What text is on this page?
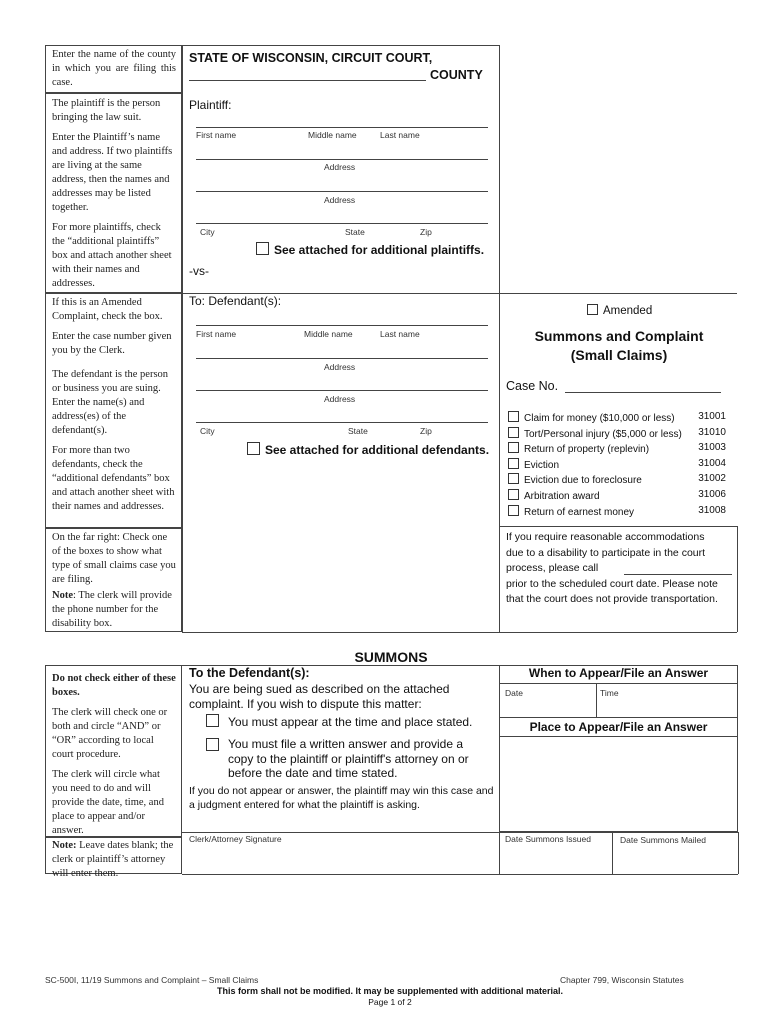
Enter the name of the county in which you are filing this case.

The plaintiff is the person bringing the law suit.

Enter the Plaintiff’s name and address. If two plaintiffs are living at the same address, then the names and addresses may be listed together.

For more plaintiffs, check the “additional plaintiffs” box and attach another sheet with their names and addresses.

If this is an Amended Complaint, check the box.

Enter the case number given you by the Clerk.

The defendant is the person or business you are suing. Enter the name(s) and address(es) of the defendant(s).

For more than two defendants, check the “additional defendants” box and attach another sheet with their names and addresses.

On the far right: Check one of the boxes to show what type of small claims case you are filing.

Note: The clerk will provide the phone number for the disability box.

STATE OF WISCONSIN, CIRCUIT COURT,
COUNTY
Plaintiff:
First name	Middle name	Last name
Address
Address
City	State	Zip
See attached for additional plaintiffs.
-vs-
To: Defendant(s):
First name	Middle name	Last name
Address
Address
City	State	Zip
See attached for additional defendants.
Amended
Summons and Complaint
(Small Claims)
Case No.
Claim for money ($10,000 or less) 31001
Tort/Personal injury ($5,000 or less) 31010
Return of property (replevin)	31003
Eviction	31004
Eviction due to foreclosure	31002
Arbitration award	31006
Return of earnest money	31008
If you require reasonable accommodations
due to a disability to participate in the court
process, please call
prior to the scheduled court date. Please note
that the court does not provide transportation.
SUMMONS

Do not check either of these boxes.

The clerk will check one or both and circle “AND” or “OR” according to local court procedure.

The clerk will circle what you need to do and will provide the date, time, and place to appear and/or answer.

Note: Leave dates blank; the clerk or plaintiff’s attorney will enter them.
To the Defendant(s):
You are being sued as described on the attached complaint. If you wish to dispute this matter:
You must appear at the time and place stated.
You must file a written answer and provide a copy to the plaintiff or plaintiff's attorney on or before the date and time stated.
If you do not appear or answer, the plaintiff may win this case and a judgment entered for what the plaintiff is asking.
When to Appear/File an Answer
Date	Time
Place to Appear/File an Answer
Clerk/Attorney Signature	Date Summons Issued	Date Summons Mailed
SC-500I, 11/19 Summons and Complaint – Small Claims	Chapter 799, Wisconsin Statutes
This form shall not be modified. It may be supplemented with additional material.
Page 1 of 2
